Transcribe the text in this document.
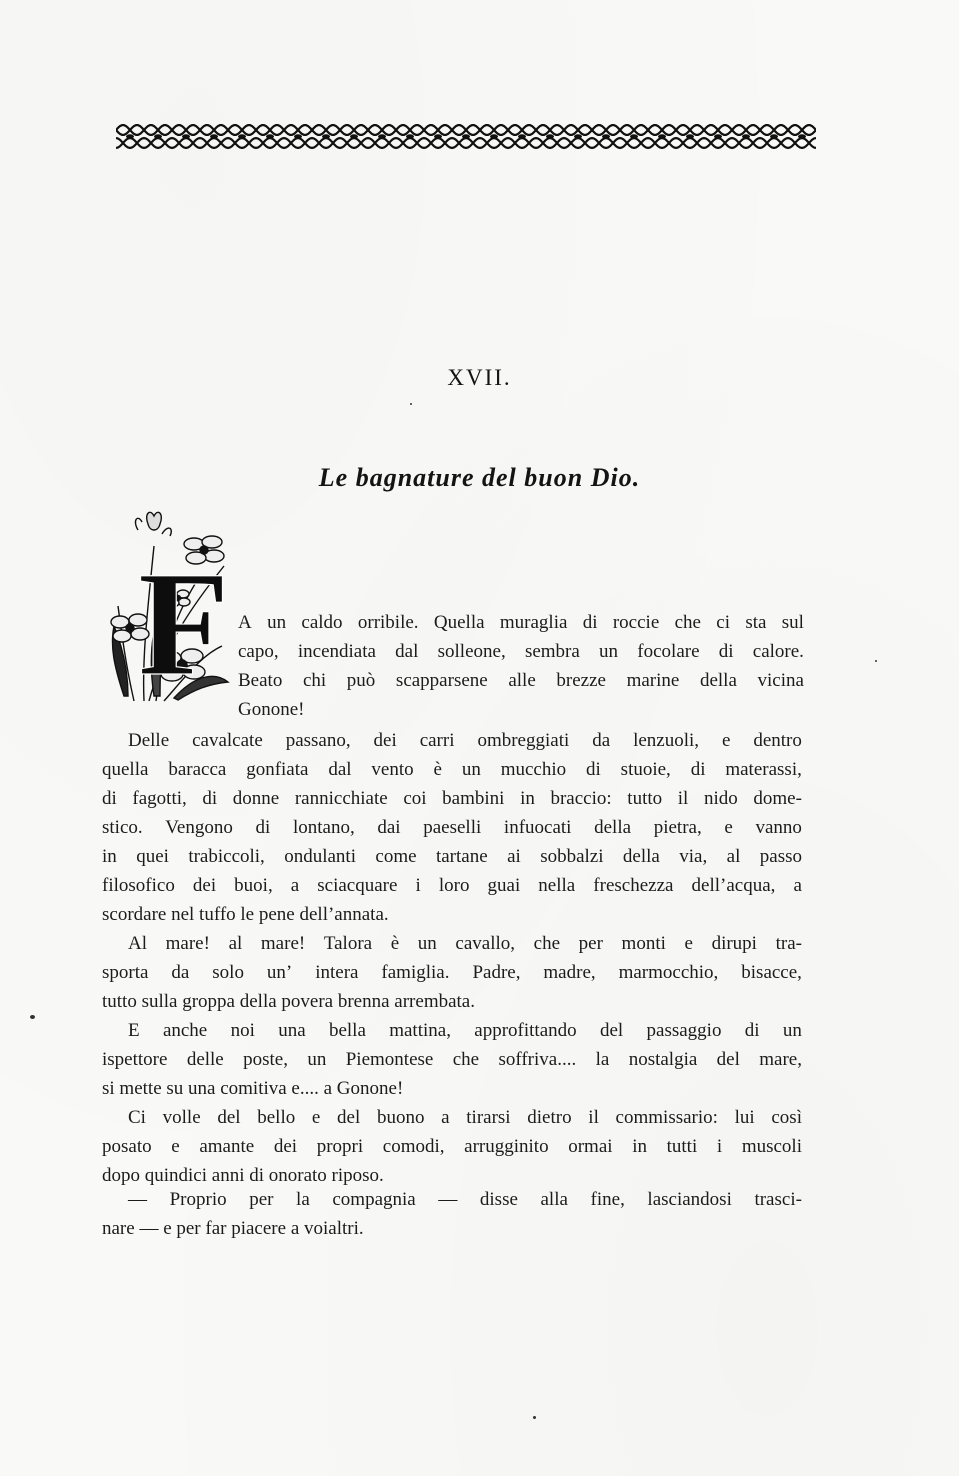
XVII.
Le bagnature del buon Dio.
F A un caldo orribile. Quella muraglia di roccie che ci sta sul
capo, incendiata dal solleone, sembra un focolare di calore.
Beato chi può scapparsene alle brezze marine della vicina
Gonone!
Delle cavalcate passano, dei carri ombreggiati da lenzuoli, e dentro
quella baracca gonfiata dal vento è un mucchio di stuoie, di materassi,
di fagotti, di donne rannicchiate coi bambini in braccio: tutto il nido dome-
stico. Vengono di lontano, dai paeselli infuocati della pietra, e vanno
in quei trabiccoli, ondulanti come tartane ai sobbalzi della via, al passo
filosofico dei buoi, a sciacquare i loro guai nella freschezza dell’acqua, a
scordare nel tuffo le pene dell’annata.
Al mare! al mare! Talora è un cavallo, che per monti e dirupi tra-
sporta da solo un’ intera famiglia. Padre, madre, marmocchio, bisacce,
tutto sulla groppa della povera brenna arrembata.
E anche noi una bella mattina, approfittando del passaggio di un
ispettore delle poste, un Piemontese che soffriva.... la nostalgia del mare,
si mette su una comitiva e.... a Gonone!
Ci volle del bello e del buono a tirarsi dietro il commissario: lui così
posato e amante dei propri comodi, arrugginito ormai in tutti i muscoli
dopo quindici anni di onorato riposo.
— Proprio per la compagnia — disse alla fine, lasciandosi trasci-
nare — e per far piacere a voialtri.
